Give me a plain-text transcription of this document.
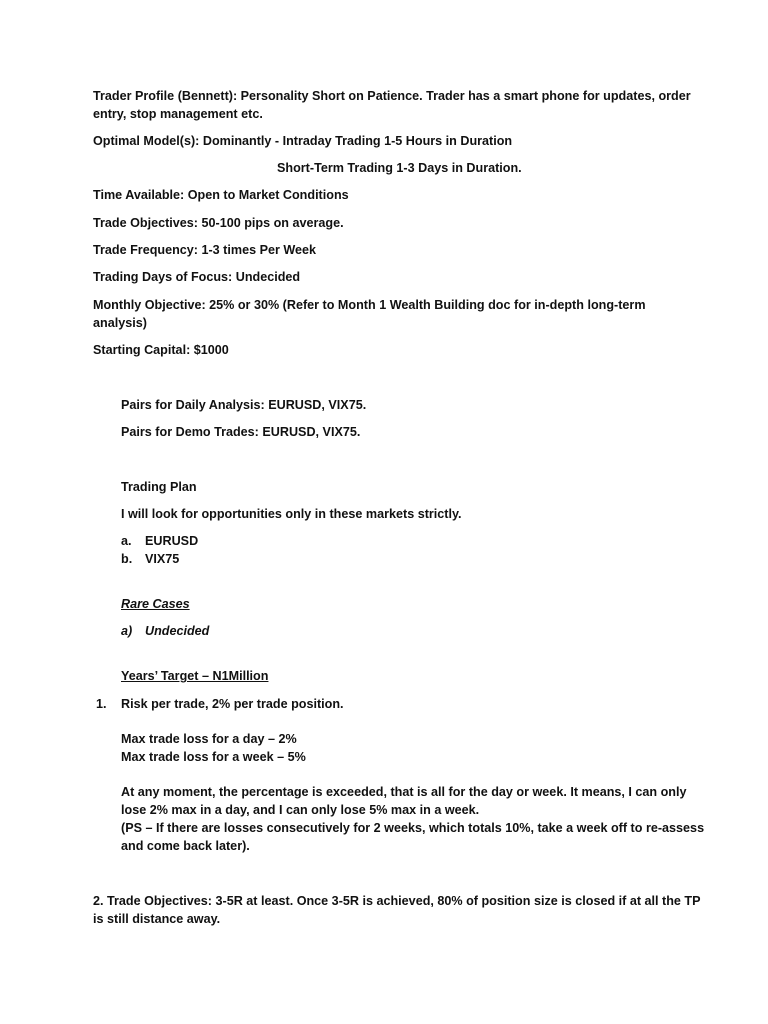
Trader Profile (Bennett): Personality Short on Patience. Trader has a smart phone for updates, order
entry, stop management etc.
Optimal Model(s): Dominantly - Intraday Trading 1-5 Hours in Duration
Short-Term Trading 1-3 Days in Duration.
Time Available: Open to Market Conditions
Trade Objectives: 50-100 pips on average.
Trade Frequency: 1-3 times Per Week
Trading Days of Focus: Undecided
Monthly Objective: 25% or 30% (Refer to Month 1 Wealth Building doc for in-depth long-term
analysis)
Starting Capital: $1000
Pairs for Daily Analysis: EURUSD, VIX75.
Pairs for Demo Trades: EURUSD, VIX75.
Trading Plan
I will look for opportunities only in these markets strictly.
a. EURUSD
b. VIX75
Rare Cases
a) Undecided
Years’ Target – N1Million
1. Risk per trade, 2% per trade position.
Max trade loss for a day – 2%
Max trade loss for a week – 5%
At any moment, the percentage is exceeded, that is all for the day or week. It means, I can only
lose 2% max in a day, and I can only lose 5% max in a week.
(PS – If there are losses consecutively for 2 weeks, which totals 10%, take a week off to re-assess
and come back later).
2. Trade Objectives: 3-5R at least. Once 3-5R is achieved, 80% of position size is closed if at all the TP
is still distance away.
